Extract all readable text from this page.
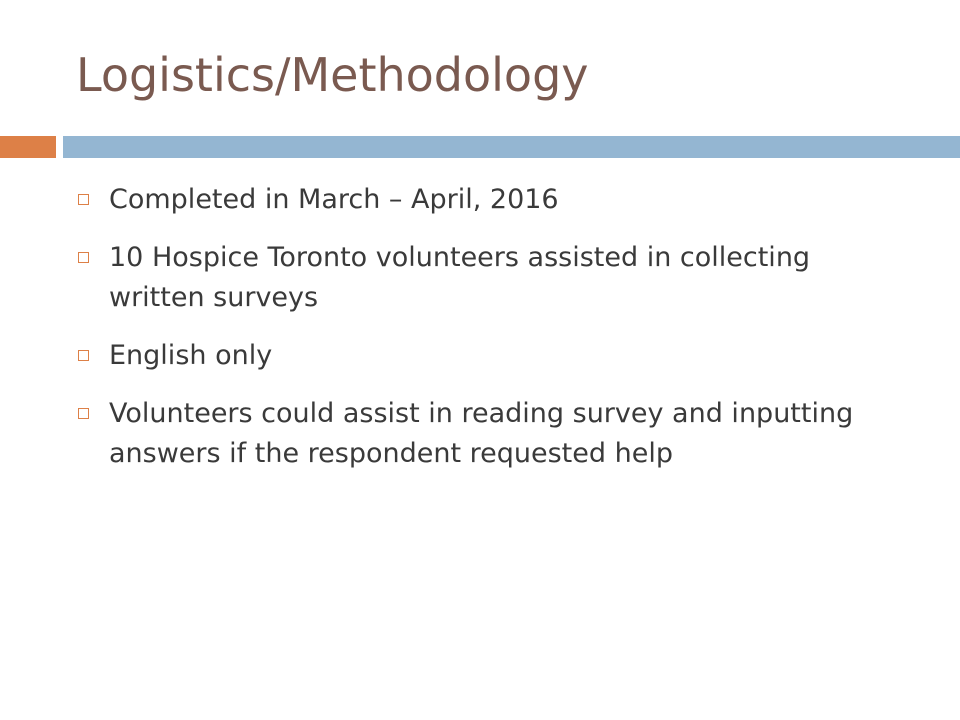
Logistics/Methodology
Completed in March – April, 2016
10 Hospice Toronto volunteers assisted in collecting written surveys
English only
Volunteers could assist in reading survey and inputting answers if the respondent requested help
